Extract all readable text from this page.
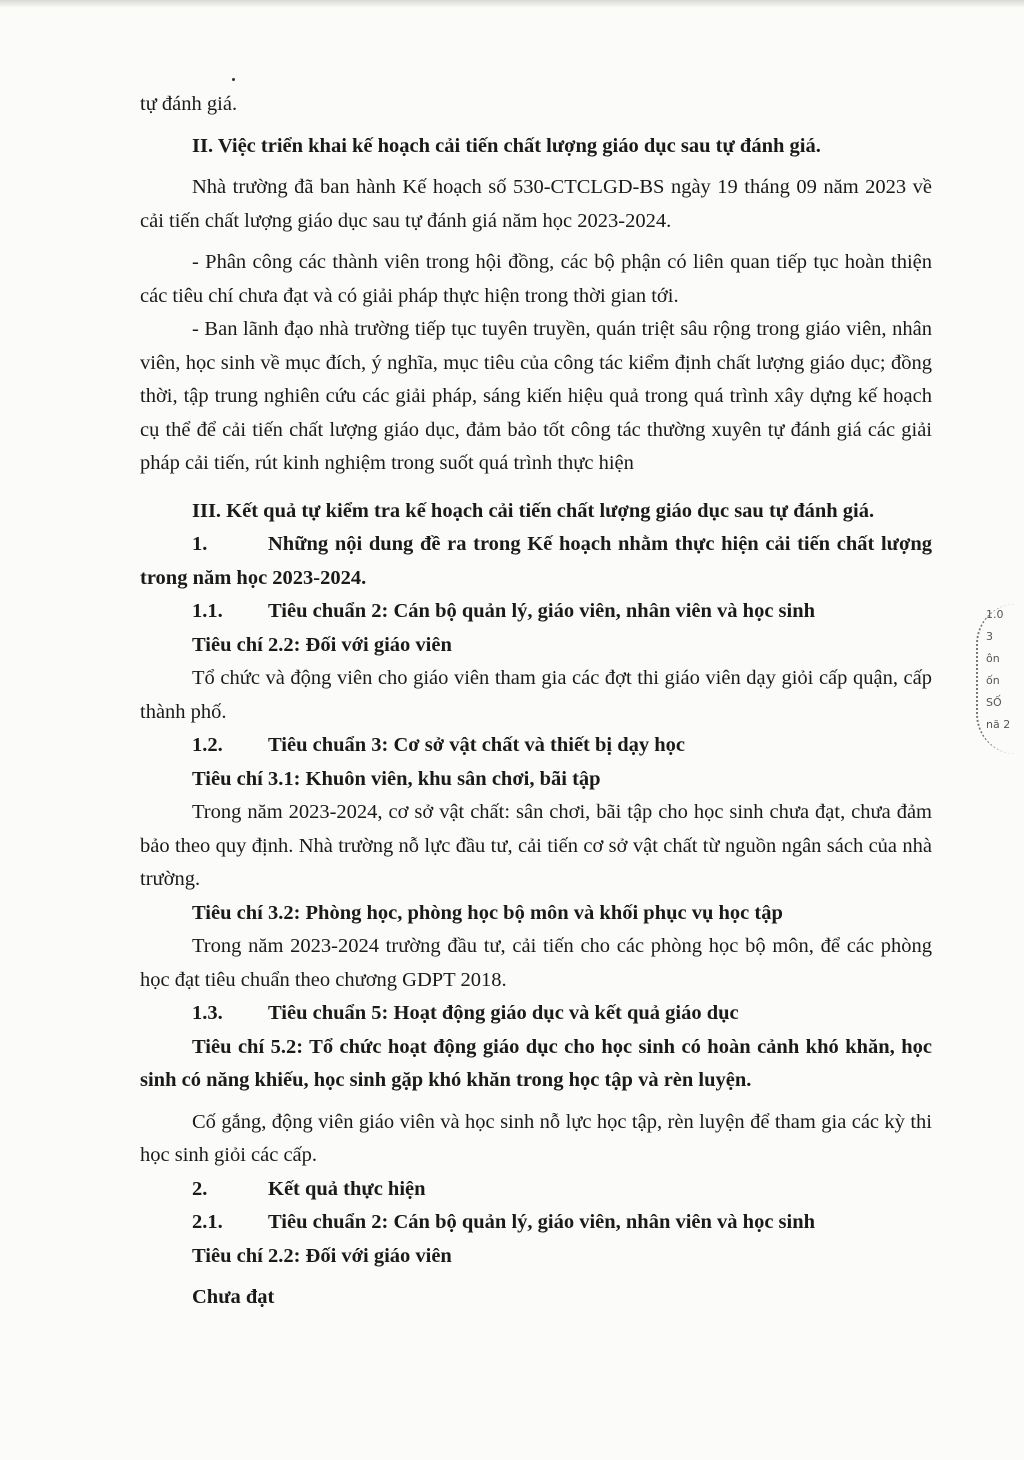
tự đánh giá.

II. Việc triển khai kế hoạch cải tiến chất lượng giáo dục sau tự đánh giá.

Nhà trường đã ban hành Kế hoạch số 530-CTCLGD-BS ngày 19 tháng 09 năm 2023 về cải tiến chất lượng giáo dục sau tự đánh giá năm học 2023-2024.

- Phân công các thành viên trong hội đồng, các bộ phận có liên quan tiếp tục hoàn thiện các tiêu chí chưa đạt và có giải pháp thực hiện trong thời gian tới.

- Ban lãnh đạo nhà trường tiếp tục tuyên truyền, quán triệt sâu rộng trong giáo viên, nhân viên, học sinh về mục đích, ý nghĩa, mục tiêu của công tác kiểm định chất lượng giáo dục; đồng thời, tập trung nghiên cứu các giải pháp, sáng kiến hiệu quả trong quá trình xây dựng kế hoạch cụ thể để cải tiến chất lượng giáo dục, đảm bảo tốt công tác thường xuyên tự đánh giá các giải pháp cải tiến, rút kinh nghiệm trong suốt quá trình thực hiện

III. Kết quả tự kiểm tra kế hoạch cải tiến chất lượng giáo dục sau tự đánh giá.

1.	Những nội dung đề ra trong Kế hoạch nhằm thực hiện cải tiến chất lượng trong năm học 2023-2024.

1.1.	Tiêu chuẩn 2: Cán bộ quản lý, giáo viên, nhân viên và học sinh

Tiêu chí 2.2: Đối với giáo viên

Tổ chức và động viên cho giáo viên tham gia các đợt thi giáo viên dạy giỏi cấp quận, cấp thành phố.

1.2.	Tiêu chuẩn 3: Cơ sở vật chất và thiết bị dạy học

Tiêu chí 3.1: Khuôn viên, khu sân chơi, bãi tập

Trong năm 2023-2024, cơ sở vật chất: sân chơi, bãi tập cho học sinh chưa đạt, chưa đảm bảo theo quy định. Nhà trường nỗ lực đầu tư, cải tiến cơ sở vật chất từ nguồn ngân sách của nhà trường.

Tiêu chí 3.2: Phòng học, phòng học bộ môn và khối phục vụ học tập

Trong năm 2023-2024 trường đầu tư, cải tiến cho các phòng học bộ môn, để các phòng học đạt tiêu chuẩn theo chương GDPT 2018.

1.3.	Tiêu chuẩn 5: Hoạt động giáo dục và kết quả giáo dục

Tiêu chí 5.2: Tổ chức hoạt động giáo dục cho học sinh có hoàn cảnh khó khăn, học sinh có năng khiếu, học sinh gặp khó khăn trong học tập và rèn luyện.

Cố gắng, động viên giáo viên và học sinh nỗ lực học tập, rèn luyện để tham gia các kỳ thi học sinh giỏi các cấp.

2.	Kết quả thực hiện
2.1.	Tiêu chuẩn 2: Cán bộ quản lý, giáo viên, nhân viên và học sinh

Tiêu chí 2.2: Đối với giáo viên

Chưa đạt

1.0
3
ôn
ốn
SỐ
nă 2
